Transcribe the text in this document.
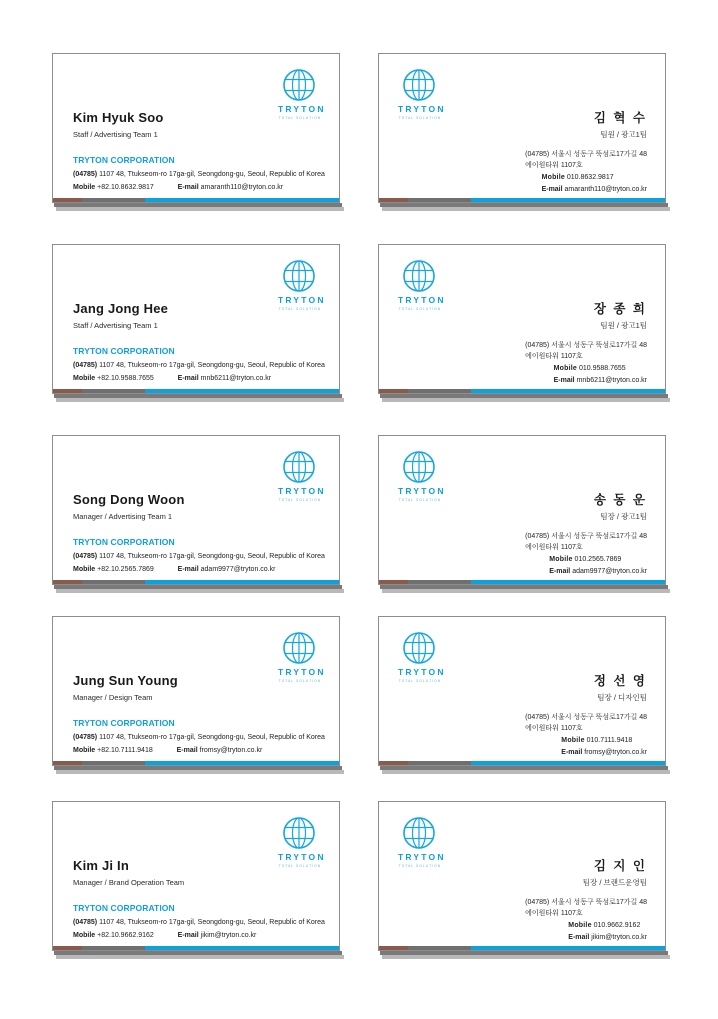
TRYTON
TOTAL SOLUTION
Kim Hyuk Soo
Staff / Advertising Team 1
TRYTON CORPORATION
(04785) 1107 48, Ttukseom-ro 17ga-gil, Seongdong-gu, Seoul, Republic of Korea
Mobile +82.10.8632.9817	E-mail amaranth110@tryton.co.kr
TRYTON
TOTAL SOLUTION	김 혁 수
팀원 / 광고1팀
(04785) 서울시 성동구 뚝섬로17가길 48
에이원타워 1107호
Mobile 010.8632.9817
E-mail amaranth110@tryton.co.kr
TRYTON
TOTAL SOLUTION
Jang Jong Hee
Staff / Advertising Team 1
TRYTON CORPORATION
(04785) 1107 48, Ttukseom-ro 17ga-gil, Seongdong-gu, Seoul, Republic of Korea
Mobile +82.10.9588.7655	E-mail mnb6211@tryton.co.kr
TRYTON
TOTAL SOLUTION	장 종 희
팀원 / 광고1팀
(04785) 서울시 성동구 뚝섬로17가길 48
에이원타워 1107호
Mobile 010.9588.7655
E-mail mnb6211@tryton.co.kr
TRYTON
TOTAL SOLUTION
Song Dong Woon
Manager / Advertising Team 1
TRYTON CORPORATION
(04785) 1107 48, Ttukseom-ro 17ga-gil, Seongdong-gu, Seoul, Republic of Korea
Mobile +82.10.2565.7869	E-mail adam9977@tryton.co.kr
TRYTON
TOTAL SOLUTION	송 동 운
팀장 / 광고1팀
(04785) 서울시 성동구 뚝섬로17가길 48
에이원타워 1107호
Mobile 010.2565.7869
E-mail adam9977@tryton.co.kr
TRYTON
TOTAL SOLUTION
Jung Sun Young
Manager / Design Team
TRYTON CORPORATION
(04785) 1107 48, Ttukseom-ro 17ga-gil, Seongdong-gu, Seoul, Republic of Korea
Mobile +82.10.7111.9418	E-mail fromsy@tryton.co.kr
TRYTON
TOTAL SOLUTION	정 선 영
팀장 / 디자인팀
(04785) 서울시 성동구 뚝섬로17가길 48
에이원타워 1107호
Mobile 010.7111.9418
E-mail fromsy@tryton.co.kr
TRYTON
TOTAL SOLUTION
Kim Ji In
Manager / Brand Operation Team
TRYTON CORPORATION
(04785) 1107 48, Ttukseom-ro 17ga-gil, Seongdong-gu, Seoul, Republic of Korea
Mobile +82.10.9662.9162	E-mail jikim@tryton.co.kr
TRYTON
TOTAL SOLUTION	김 지 인
팀장 / 브랜드운영팀
(04785) 서울시 성동구 뚝섬로17가길 48
에이원타워 1107호
Mobile 010.9662.9162
E-mail jikim@tryton.co.kr
